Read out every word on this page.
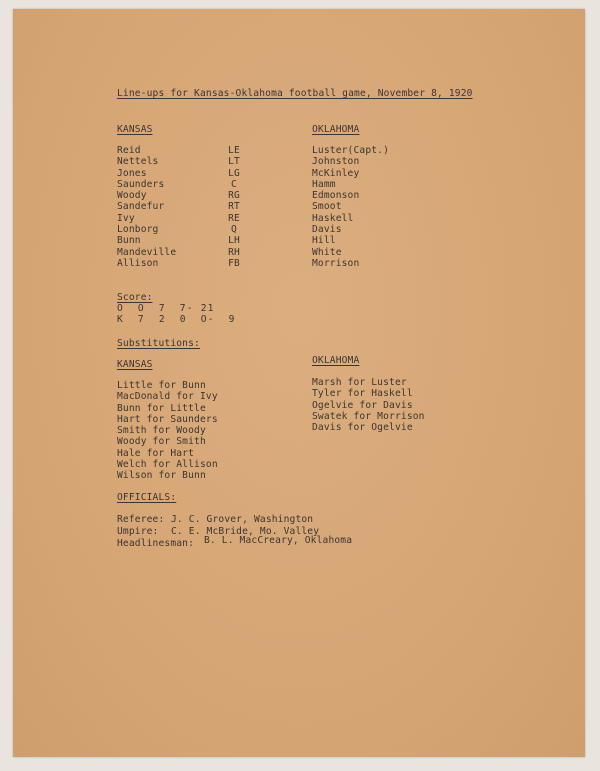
Line-ups for Kansas-Oklahoma football game, November 8, 1920
KANSAS	OKLAHOMA
Reid
Nettels
Jones
Saunders
Woody
Sandefur
Ivy
Lonborg
Bunn
Mandeville
Allison
LE
LT
LG
C
RG
RT
RE
Q
LH
RH
FB
Luster(Capt.)
Johnston
McKinley
Hamm
Edmonson
Smoot
Haskell
Davis
Hill
White
Morrison
Score:
O  O  7  7- 21
K  7  2  0  O-  9
Substitutions:
KANSAS	OKLAHOMA
Little for Bunn
MacDonald for Ivy
Bunn for Little
Hart for Saunders
Smith for Woody
Woody for Smith
Hale for Hart
Welch for Allison
Wilson for Bunn
Marsh for Luster
Tyler for Haskell
Ogelvie for Davis
Swatek for Morrison
Davis for Ogelvie
OFFICIALS:
Referee: J. C. Grover, Washington
Umpire: C. E. McBride, Mo. Valley
Headlinesman: B. L. MacCreary, Oklahoma
